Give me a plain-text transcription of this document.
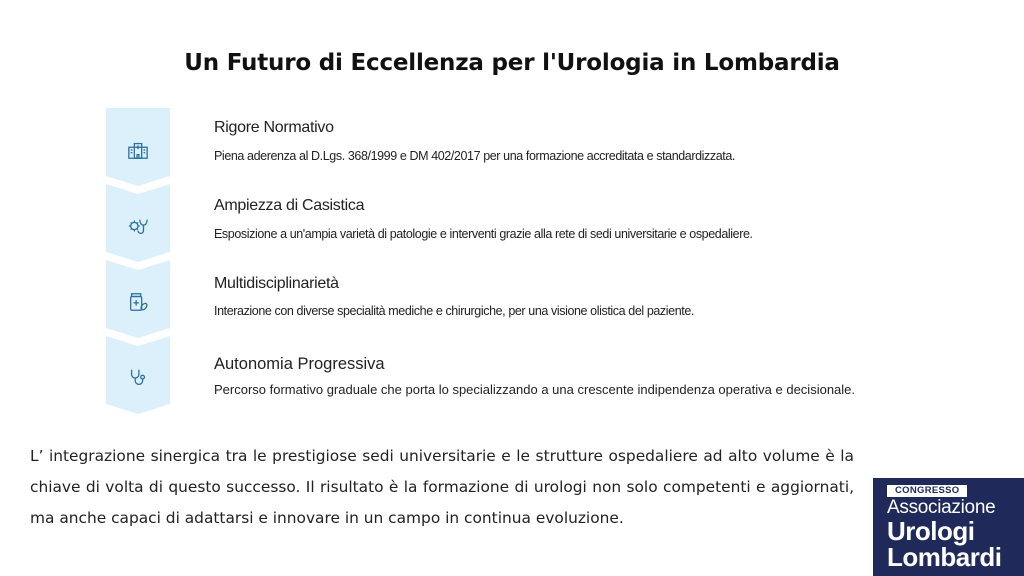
Un Futuro di Eccellenza per l'Urologia in Lombardia
Rigore Normativo
Piena aderenza al D.Lgs. 368/1999 e DM 402/2017 per una formazione accreditata e standardizzata.
Ampiezza di Casistica
Esposizione a un'ampia varietà di patologie e interventi grazie alla rete di sedi universitarie e ospedaliere.
Multidisciplinarietà
Interazione con diverse specialità mediche e chirurgiche, per una visione olistica del paziente.
Autonomia Progressiva
Percorso formativo graduale che porta lo specializzando a una crescente indipendenza operativa e decisionale.
L’ integrazione sinergica tra le prestigiose sedi universitarie e le strutture ospedaliere ad alto volume è la chiave di volta di questo successo. Il risultato è la formazione di urologi non solo competenti e aggiornati, ma anche capaci di adattarsi e innovare in un campo in continua evoluzione.
CONGRESSO
Associazione
Urologi
Lombardi
